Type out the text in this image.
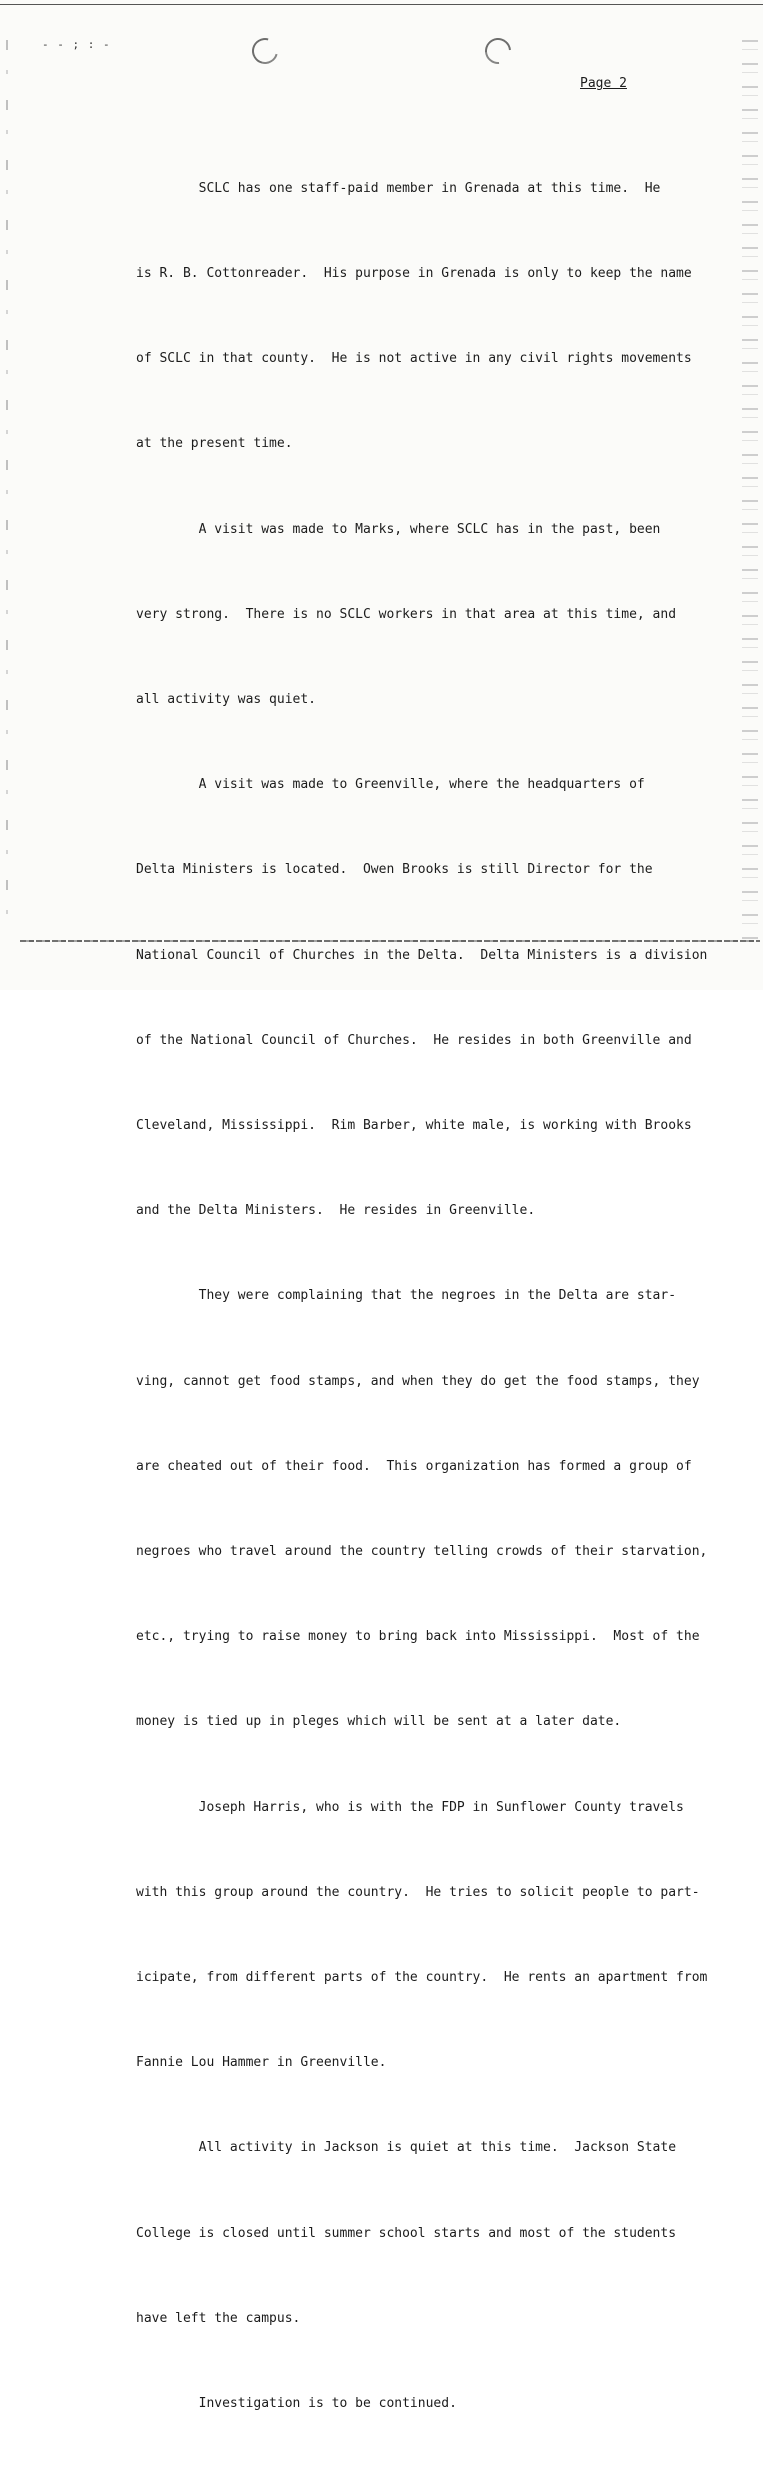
- - ; : -
Page 2

SCLC has one staff-paid member in Grenada at this time.  He

is R. B. Cottonreader.  His purpose in Grenada is only to keep the name

of SCLC in that county.  He is not active in any civil rights movements

at the present time.

A visit was made to Marks, where SCLC has in the past, been

very strong.  There is no SCLC workers in that area at this time, and

all activity was quiet.

A visit was made to Greenville, where the headquarters of

Delta Ministers is located.  Owen Brooks is still Director for the

National Council of Churches in the Delta.  Delta Ministers is a division

of the National Council of Churches.  He resides in both Greenville and

Cleveland, Mississippi.  Rim Barber, white male, is working with Brooks

and the Delta Ministers.  He resides in Greenville.

They were complaining that the negroes in the Delta are star-

ving, cannot get food stamps, and when they do get the food stamps, they

are cheated out of their food.  This organization has formed a group of

negroes who travel around the country telling crowds of their starvation,

etc., trying to raise money to bring back into Mississippi.  Most of the

money is tied up in pleges which will be sent at a later date.

Joseph Harris, who is with the FDP in Sunflower County travels

with this group around the country.  He tries to solicit people to part-

icipate, from different parts of the country.  He rents an apartment from

Fannie Lou Hammer in Greenville.

All activity in Jackson is quiet at this time.  Jackson State

College is closed until summer school starts and most of the students

have left the campus.

Investigation is to be continued.
